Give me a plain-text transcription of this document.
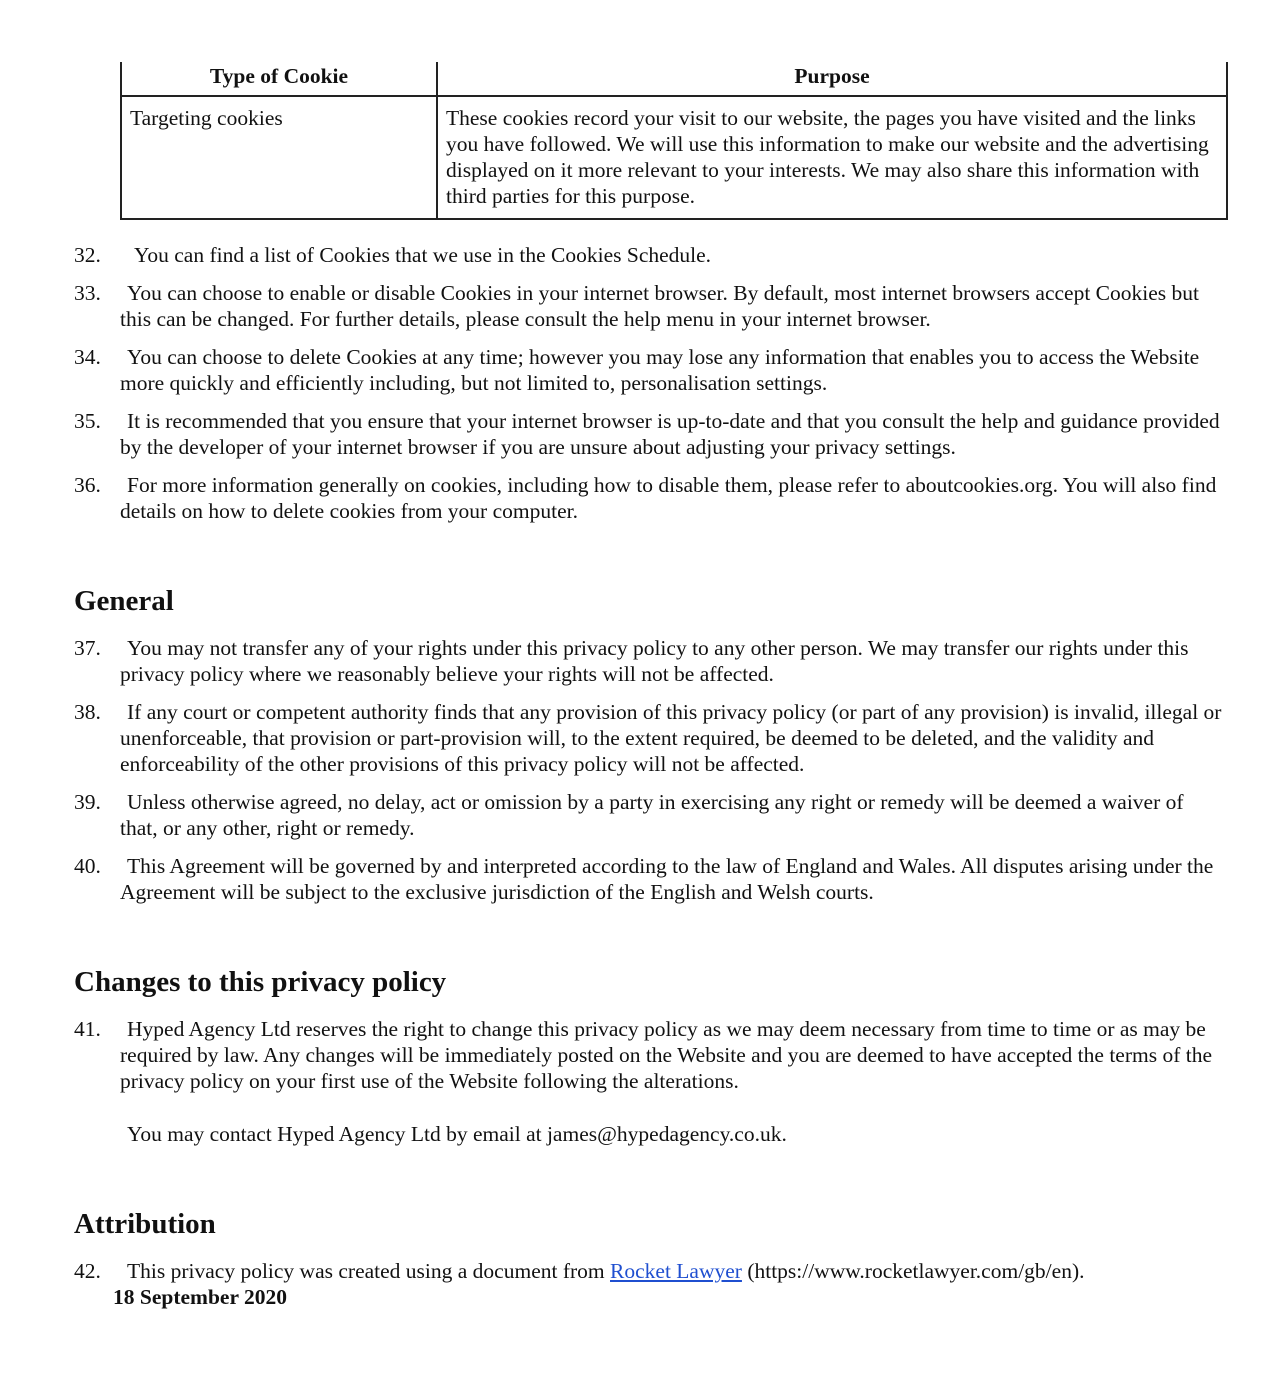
Type of Cookie	Purpose
Targeting cookies	These cookies record your visit to our website, the pages you have visited and the links you have followed. We will use this information to make our website and the advertising displayed on it more relevant to your interests. We may also share this information with third parties for this purpose.
32.	You can find a list of Cookies that we use in the Cookies Schedule.
33.	You can choose to enable or disable Cookies in your internet browser. By default, most internet browsers accept Cookies but this can be changed. For further details, please consult the help menu in your internet browser.
34.	You can choose to delete Cookies at any time; however you may lose any information that enables you to access the Website more quickly and efficiently including, but not limited to, personalisation settings.
35.	It is recommended that you ensure that your internet browser is up-to-date and that you consult the help and guidance provided by the developer of your internet browser if you are unsure about adjusting your privacy settings.
36.	For more information generally on cookies, including how to disable them, please refer to aboutcookies.org. You will also find details on how to delete cookies from your computer.
General
37.	You may not transfer any of your rights under this privacy policy to any other person. We may transfer our rights under this privacy policy where we reasonably believe your rights will not be affected.
38.	If any court or competent authority finds that any provision of this privacy policy (or part of any provision) is invalid, illegal or unenforceable, that provision or part-provision will, to the extent required, be deemed to be deleted, and the validity and enforceability of the other provisions of this privacy policy will not be affected.
39.	Unless otherwise agreed, no delay, act or omission by a party in exercising any right or remedy will be deemed a waiver of that, or any other, right or remedy.
40.	This Agreement will be governed by and interpreted according to the law of England and Wales. All disputes arising under the Agreement will be subject to the exclusive jurisdiction of the English and Welsh courts.
Changes to this privacy policy
41.	Hyped Agency Ltd reserves the right to change this privacy policy as we may deem necessary from time to time or as may be required by law. Any changes will be immediately posted on the Website and you are deemed to have accepted the terms of the privacy policy on your first use of the Website following the alterations.
You may contact Hyped Agency Ltd by email at james@hypedagency.co.uk.
Attribution
42.	This privacy policy was created using a document from Rocket Lawyer (https://www.rocketlawyer.com/gb/en).
18 September 2020
